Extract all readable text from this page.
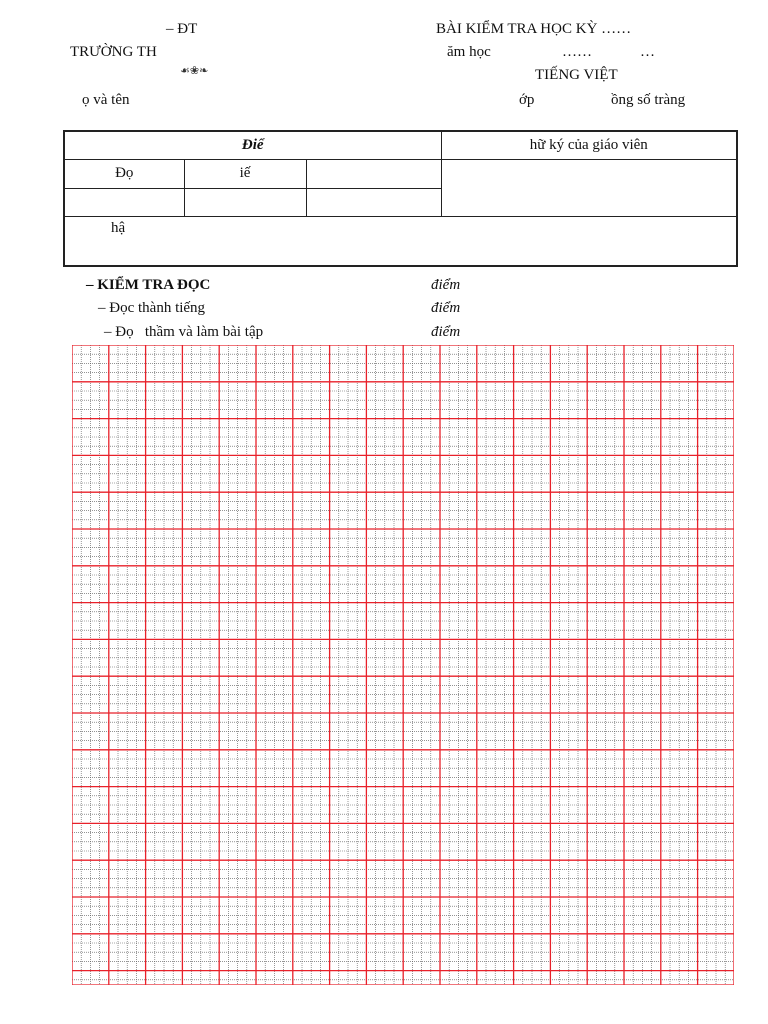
– ĐT
TRƯỜNG TH
☙❀❧
ọ và tên
BÀI KIỂM TRA HỌC KỲ ……
ăm học	……	…
TIẾNG VIỆT
ớp	ồng số tràng
Điể			hữ ký của giáo viên
Đọ	iế		

hậ			
– KIỂM TRA ĐỌC	điểm
– Đọc thành tiếng	điểm
– Đọ   thầm và làm bài tập	điểm
